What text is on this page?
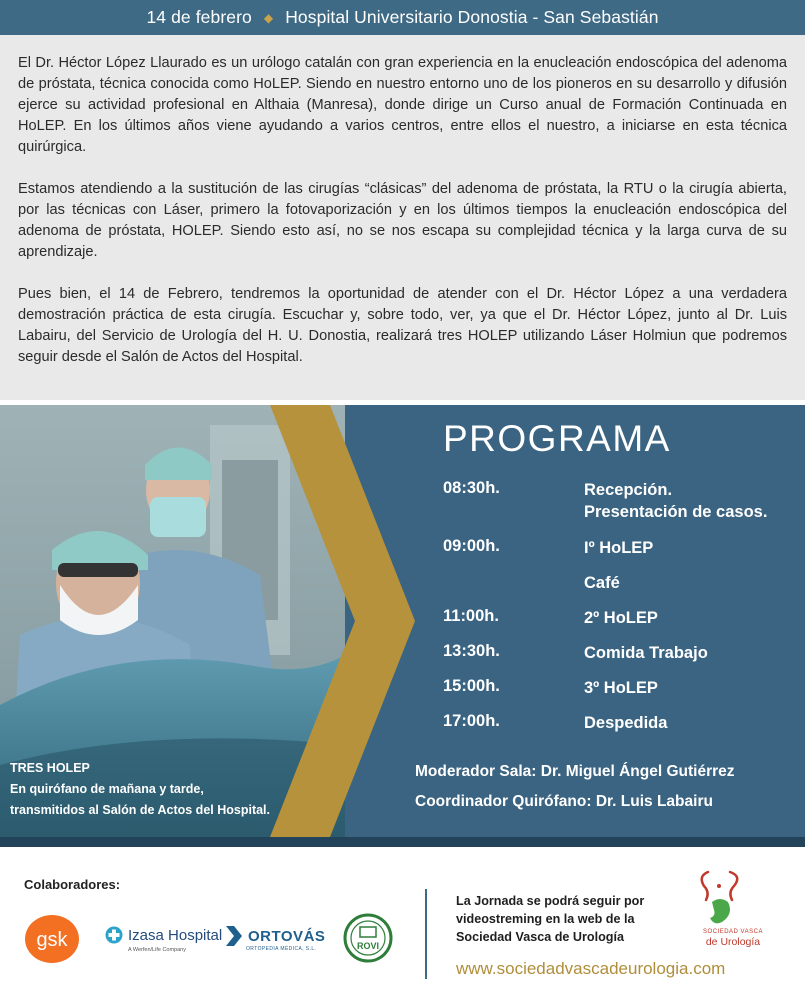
14 de febrero ◆ Hospital Universitario Donostia - San Sebastián

El Dr. Héctor López Llaurado es un urólogo catalán con gran experiencia en la enucleación endoscópica del adenoma de próstata, técnica conocida como HoLEP. Siendo en nuestro entorno uno de los pioneros en su desarrollo y difusión ejerce su actividad profesional en Althaia (Manresa), donde dirige un Curso anual de Formación Continuada en HoLEP. En los últimos años viene ayudando a varios centros, entre ellos el nuestro, a iniciarse en esta técnica quirúrgica.

Estamos atendiendo a la sustitución de las cirugías “clásicas” del adenoma de próstata, la RTU o la cirugía abierta, por las técnicas con Láser, primero la fotovaporización y en los últimos tiempos la enucleación endoscópica del adenoma de próstata, HOLEP. Siendo esto así, no se nos escapa su complejidad técnica y la larga curva de su aprendizaje.

Pues bien, el 14 de Febrero, tendremos la oportunidad de atender con el Dr. Héctor López a una verdadera demostración práctica de esta cirugía. Escuchar y, sobre todo, ver, ya que el Dr. Héctor López, junto al Dr. Luis Labairu, del Servicio de Urología del H. U. Donostia, realizará tres HOLEP utilizando Láser Holmiun que podremos seguir desde el Salón de Actos del Hospital.

TRES HOLEP
En quirófano de mañana y tarde,
transmitidos al Salón de Actos del Hospital.
PROGRAMA
08:30h.	Recepción.
Presentación de casos.
09:00h.	Iº HoLEP
Café
11:00h.	2º HoLEP
13:30h.	Comida Trabajo
15:00h.	3º HoLEP
17:00h.	Despedida
Moderador Sala: Dr. Miguel Ángel Gutiérrez
Coordinador Quirófano: Dr. Luis Labairu
Colaboradores:
gsk	Izasa Hospital
A Werfen/Life Company
ORTOVÁS
ORTOPEDIA MÉDICA, S.L.	ROVI
La Jornada se podrá seguir por videostreming en la web de la Sociedad Vasca de Urología
www.sociedadvascadeurologia.com
SOCIEDAD VASCA
de Urología
